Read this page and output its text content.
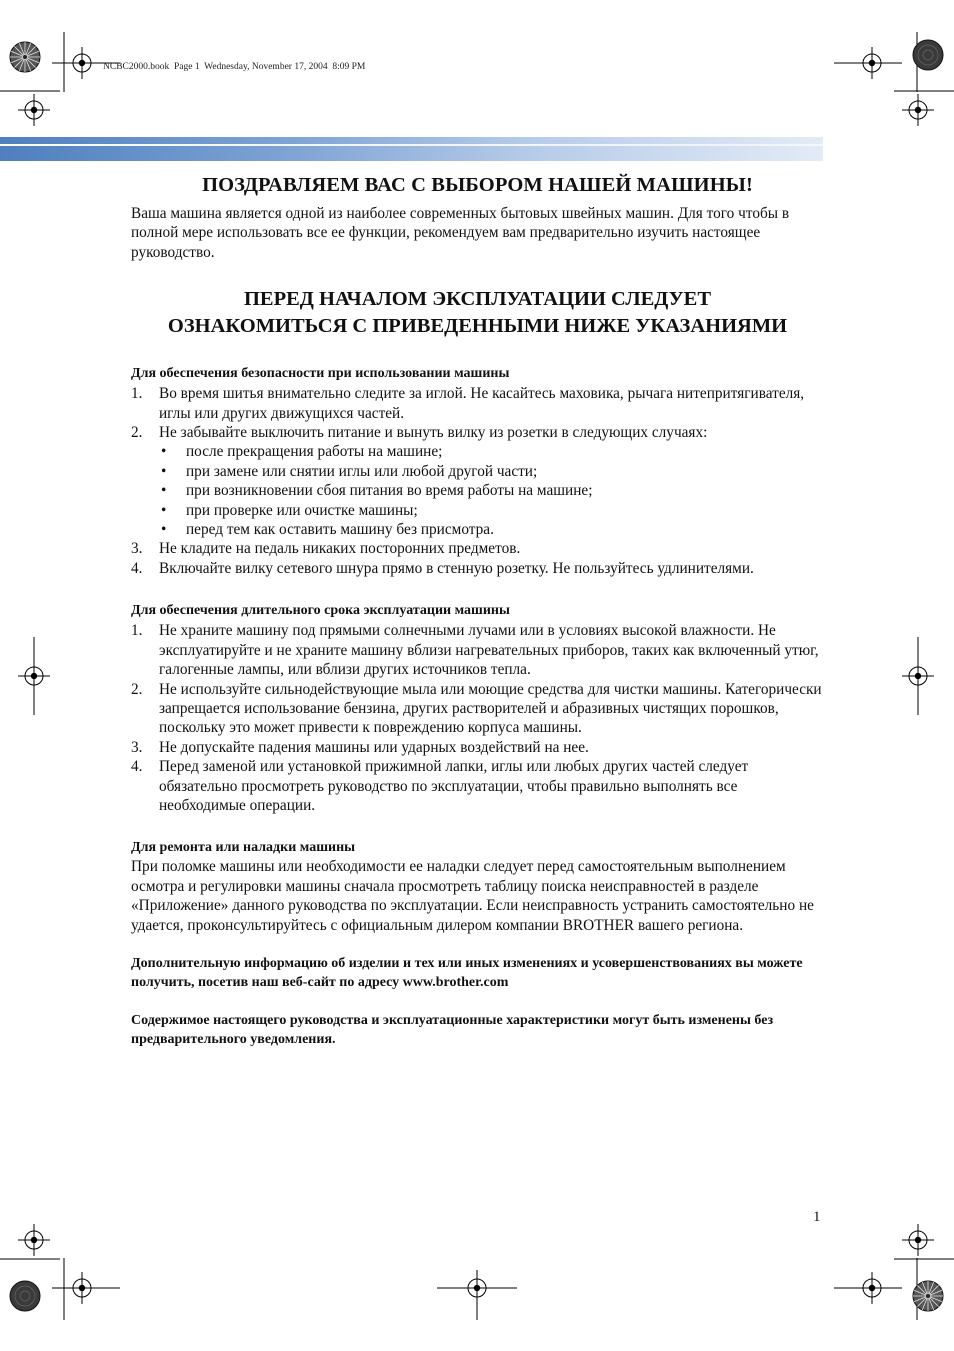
NCBC2000.book  Page 1  Wednesday, November 17, 2004  8:09 PM
ПОЗДРАВЛЯЕМ ВАС С ВЫБОРОМ НАШЕЙ МАШИНЫ!

Ваша машина является одной из наиболее современных бытовых швейных машин. Для того чтобы в полной мере использовать все ее функции, рекомендуем вам предварительно изучить настоящее руководство.

ПЕРЕД НАЧАЛОМ ЭКСПЛУАТАЦИИ СЛЕДУЕТ
ОЗНАКОМИТЬСЯ С ПРИВЕДЕННЫМИ НИЖЕ УКАЗАНИЯМИ
Для обеспечения безопасности при использовании машины
1. Во время шитья внимательно следите за иглой. Не касайтесь маховика, рычага нитепритягивателя, иглы или других движущихся частей.
2. Не забывайте выключить питание и вынуть вилку из розетки в следующих случаях:
• после прекращения работы на машине;
• при замене или снятии иглы или любой другой части;
• при возникновении сбоя питания во время работы на машине;
• при проверке или очистке машины;
• перед тем как оставить машину без присмотра.
3. Не кладите на педаль никаких посторонних предметов.
4. Включайте вилку сетевого шнура прямо в стенную розетку. Не пользуйтесь удлинителями.
Для обеспечения длительного срока эксплуатации машины
1. Не храните машину под прямыми солнечными лучами или в условиях высокой влажности. Не эксплуатируйте и не храните машину вблизи нагревательных приборов, таких как включенный утюг, галогенные лампы, или вблизи других источников тепла.
2. Не используйте сильнодействующие мыла или моющие средства для чистки машины. Категорически запрещается использование бензина, других растворителей и абразивных чистящих порошков, поскольку это может привести к повреждению корпуса машины.
3. Не допускайте падения машины или ударных воздействий на нее.
4. Перед заменой или установкой прижимной лапки, иглы или любых других частей следует обязательно просмотреть руководство по эксплуатации, чтобы правильно выполнять все необходимые операции.
Для ремонта или наладки машины

При поломке машины или необходимости ее наладки следует перед самостоятельным выполнением осмотра и регулировки машины сначала просмотреть таблицу поиска неисправностей в разделе «Приложение» данного руководства по эксплуатации. Если неисправность устранить самостоятельно не удается, проконсультируйтесь с официальным дилером компании BROTHER вашего региона.

Дополнительную информацию об изделии и тех или иных изменениях и усовершенствованиях вы можете получить, посетив наш веб-сайт по адресу www.brother.com

Содержимое настоящего руководства и эксплуатационные характеристики могут быть изменены без предварительного уведомления.

1
